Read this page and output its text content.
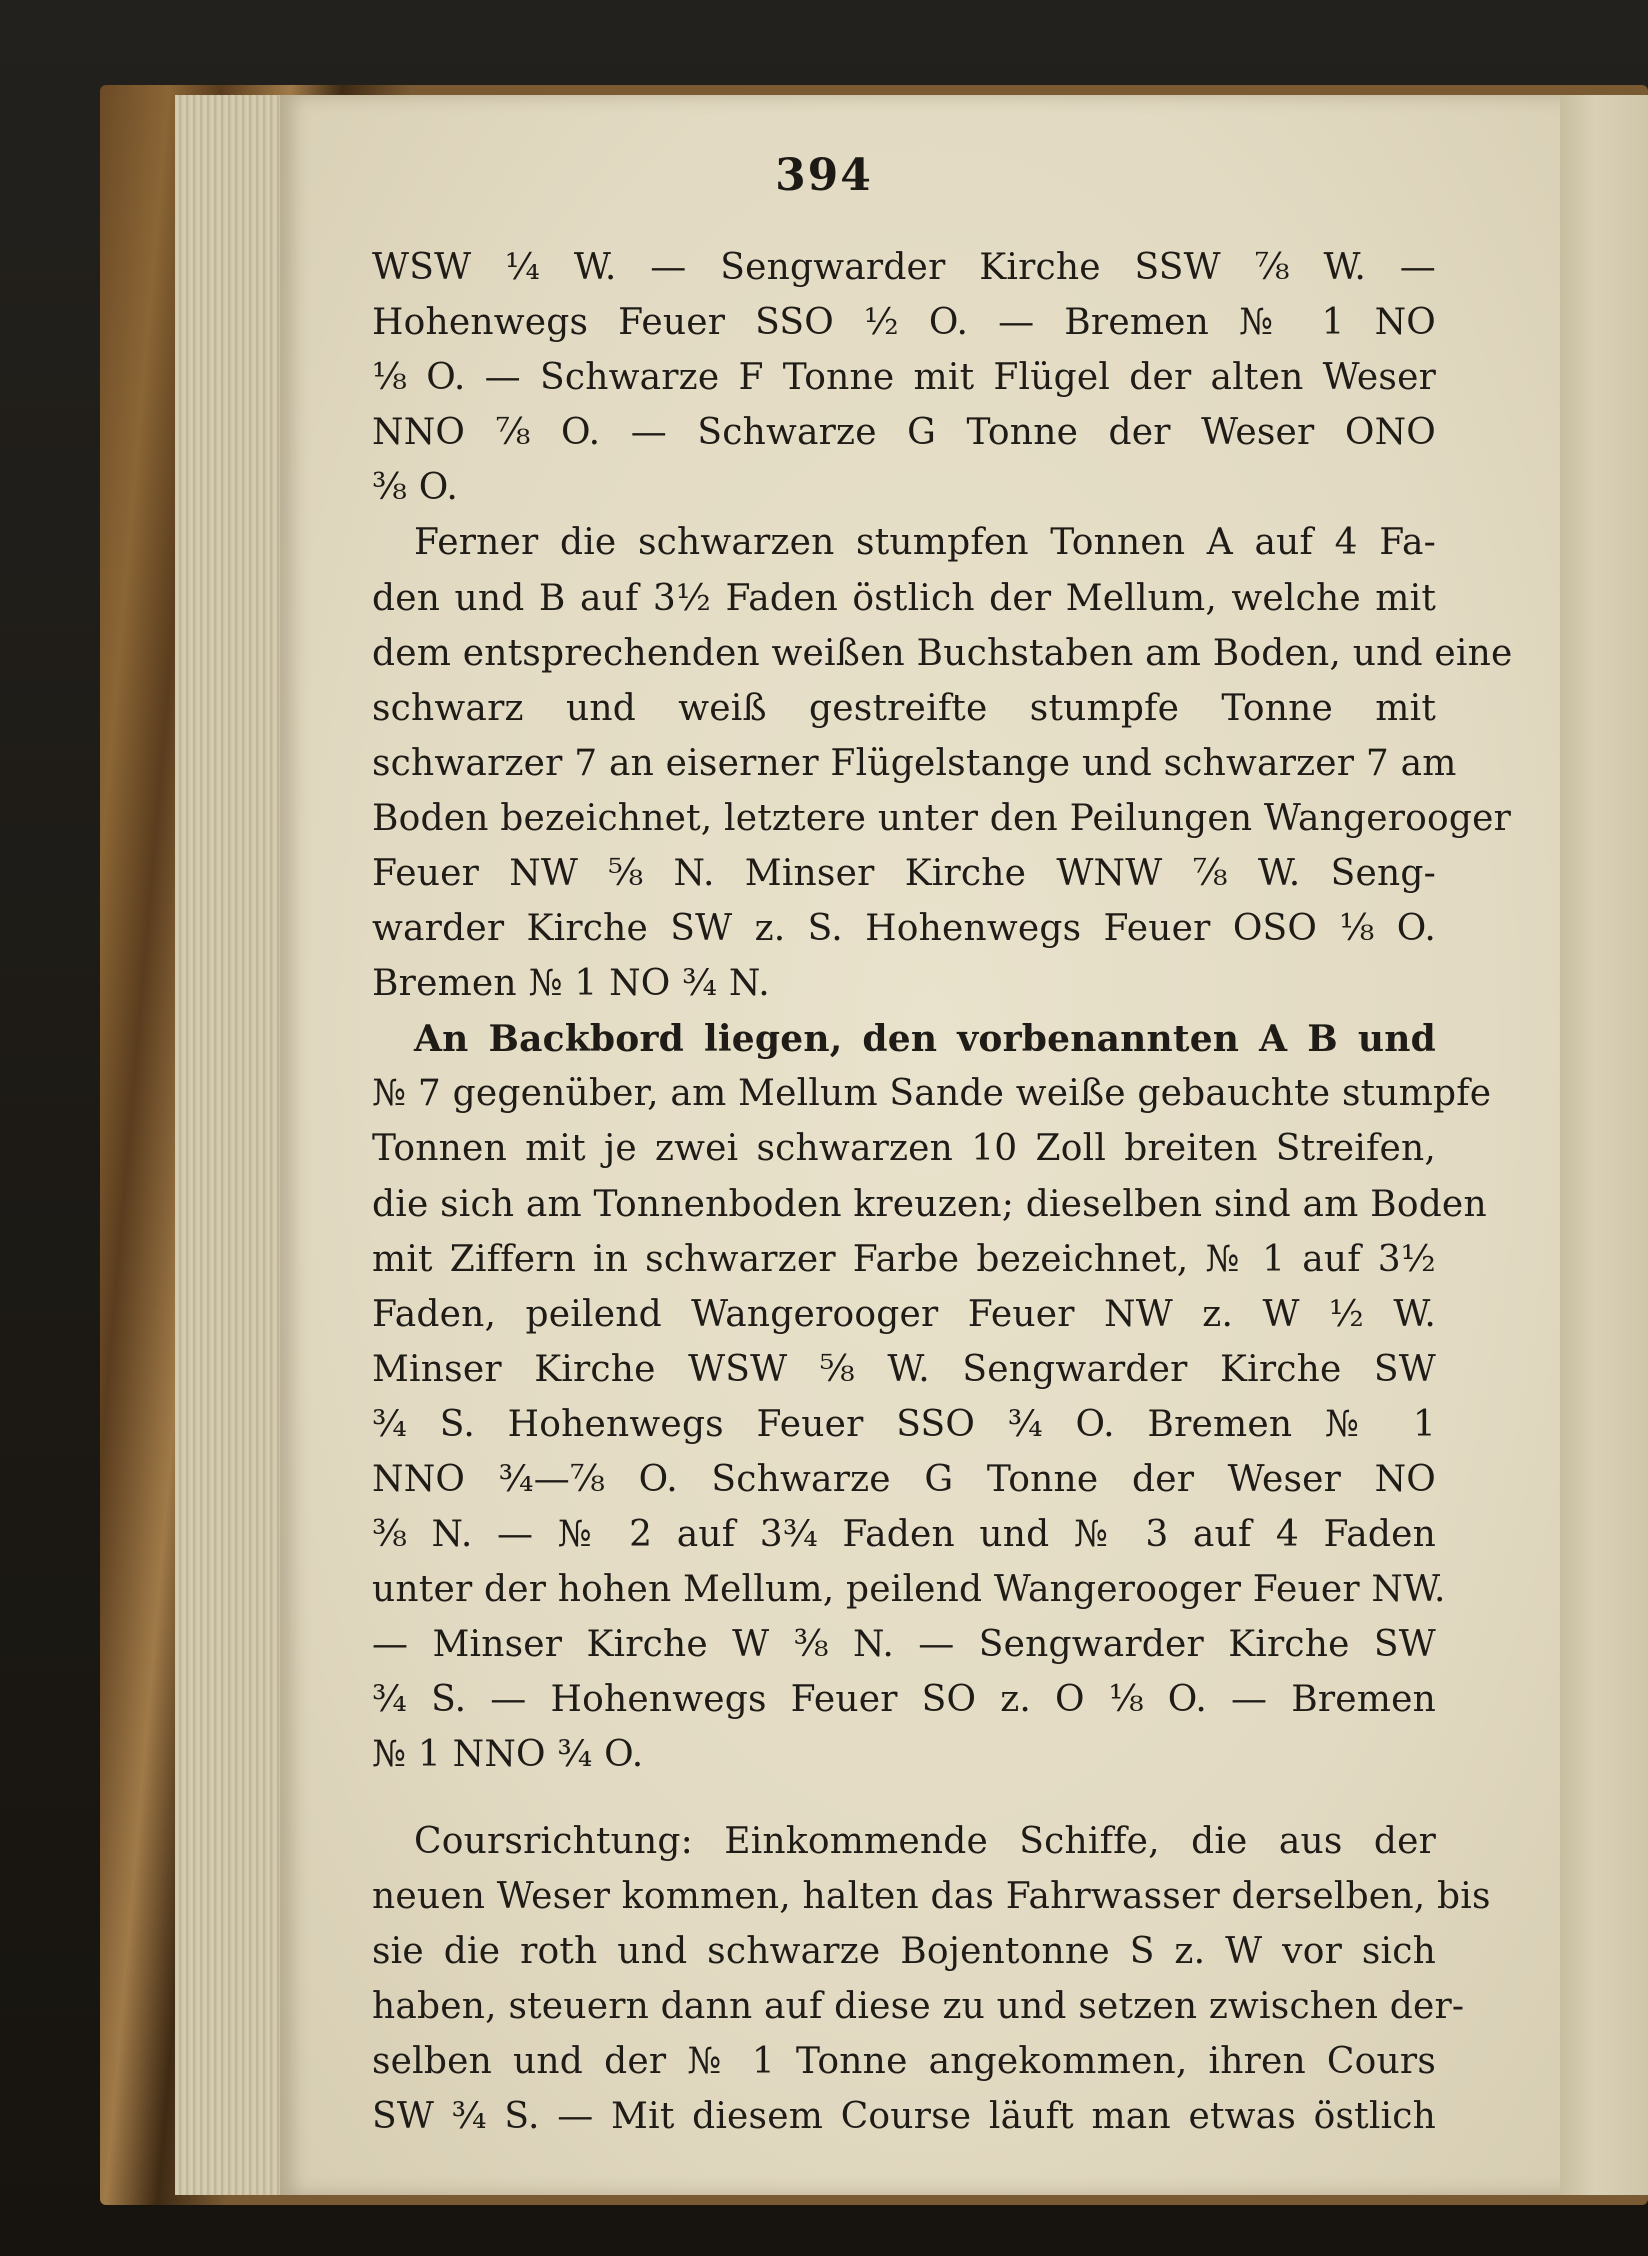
394
WSW ¼ W. — Sengwarder Kirche SSW ⅞ W. —
Hohenwegs Feuer SSO ½ O. — Bremen № 1 NO
⅛ O. — Schwarze F Tonne mit Flügel der alten Weser
NNO ⅞ O. — Schwarze G Tonne der Weser ONO
⅜ O.
Ferner die schwarzen stumpfen Tonnen A auf 4 Fa-
den und B auf 3½ Faden östlich der Mellum, welche mit
dem entsprechenden weißen Buchstaben am Boden, und eine
schwarz und weiß gestreifte stumpfe Tonne mit
schwarzer 7 an eiserner Flügelstange und schwarzer 7 am
Boden bezeichnet, letztere unter den Peilungen Wangerooger
Feuer NW ⅝ N. Minser Kirche WNW ⅞ W. Seng-
warder Kirche SW z. S. Hohenwegs Feuer OSO ⅛ O.
Bremen № 1 NO ¾ N.
An Backbord liegen, den vorbenannten A B und
№ 7 gegenüber, am Mellum Sande weiße gebauchte stumpfe
Tonnen mit je zwei schwarzen 10 Zoll breiten Streifen,
die sich am Tonnenboden kreuzen; dieselben sind am Boden
mit Ziffern in schwarzer Farbe bezeichnet, № 1 auf 3½
Faden, peilend Wangerooger Feuer NW z. W ½ W.
Minser Kirche WSW ⅝ W. Sengwarder Kirche SW
¾ S. Hohenwegs Feuer SSO ¾ O. Bremen № 1
NNO ¾—⅞ O. Schwarze G Tonne der Weser NO
⅜ N. — № 2 auf 3¾ Faden und № 3 auf 4 Faden
unter der hohen Mellum, peilend Wangerooger Feuer NW.
— Minser Kirche W ⅜ N. — Sengwarder Kirche SW
¾ S. — Hohenwegs Feuer SO z. O ⅛ O. — Bremen
№ 1 NNO ¾ O.
Coursrichtung: Einkommende Schiffe, die aus der
neuen Weser kommen, halten das Fahrwasser derselben, bis
sie die roth und schwarze Bojentonne S z. W vor sich
haben, steuern dann auf diese zu und setzen zwischen der-
selben und der № 1 Tonne angekommen, ihren Cours
SW ¾ S. — Mit diesem Course läuft man etwas östlich
